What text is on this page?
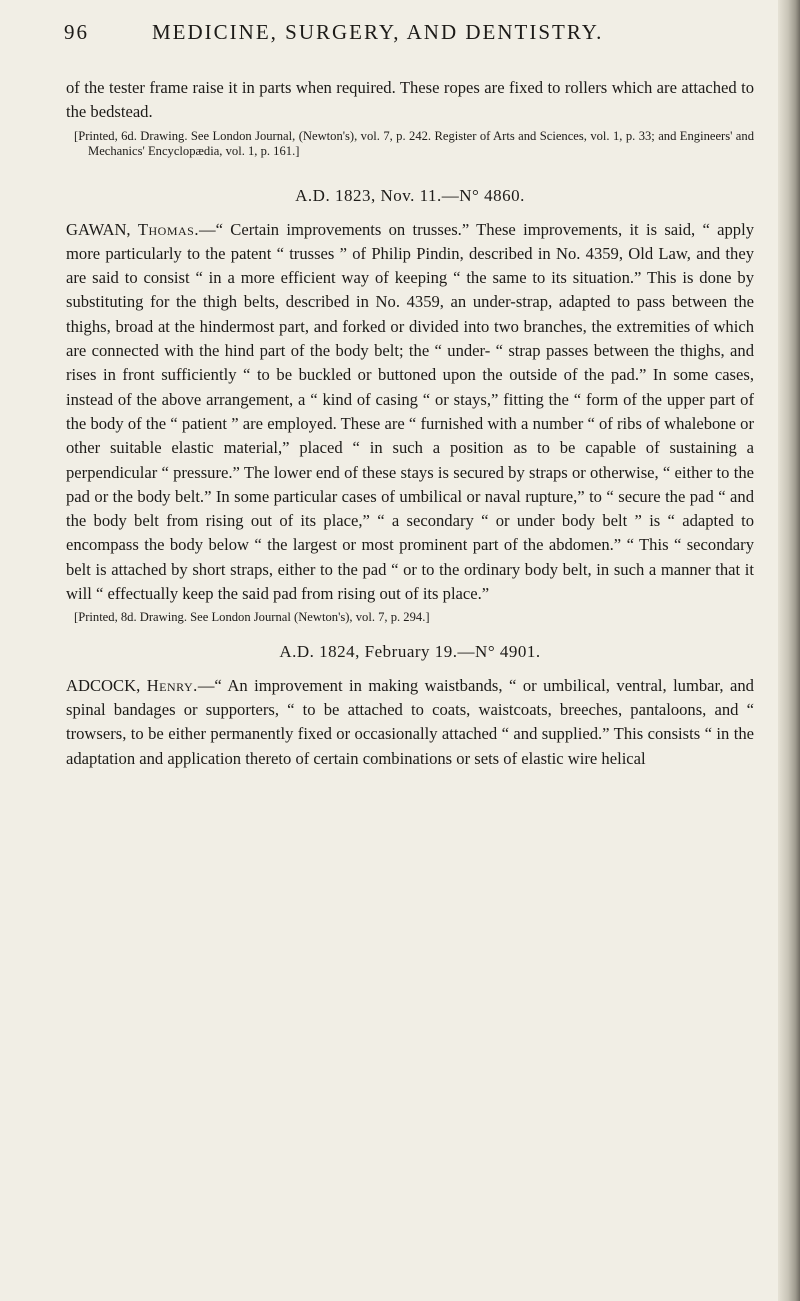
96	MEDICINE, SURGERY, AND DENTISTRY.

of the tester frame raise it in parts when required. These ropes are fixed to rollers which are attached to the bedstead.

[Printed, 6d. Drawing. See London Journal, (Newton's), vol. 7, p. 242. Register of Arts and Sciences, vol. 1, p. 33; and Engineers' and Mechanics' Encyclopædia, vol. 1, p. 161.]

A.D. 1823, Nov. 11.—N° 4860.

GAWAN, Thomas.—“ Certain improvements on trusses.” These improvements, it is said, “ apply more particularly to the patent “ trusses ” of Philip Pindin, described in No. 4359, Old Law, and they are said to consist “ in a more efficient way of keeping “ the same to its situation.” This is done by substituting for the thigh belts, described in No. 4359, an under-strap, adapted to pass between the thighs, broad at the hindermost part, and forked or divided into two branches, the extremities of which are connected with the hind part of the body belt; the “ under- “ strap passes between the thighs, and rises in front sufficiently “ to be buckled or buttoned upon the outside of the pad.” In some cases, instead of the above arrangement, a “ kind of casing “ or stays,” fitting the “ form of the upper part of the body of the “ patient ” are employed. These are “ furnished with a number “ of ribs of whalebone or other suitable elastic material,” placed “ in such a position as to be capable of sustaining a perpendicular “ pressure.” The lower end of these stays is secured by straps or otherwise, “ either to the pad or the body belt.” In some particular cases of umbilical or naval rupture,” to “ secure the pad “ and the body belt from rising out of its place,” “ a secondary “ or under body belt ” is “ adapted to encompass the body below “ the largest or most prominent part of the abdomen.” “ This “ secondary belt is attached by short straps, either to the pad “ or to the ordinary body belt, in such a manner that it will “ effectually keep the said pad from rising out of its place.”

[Printed, 8d. Drawing. See London Journal (Newton's), vol. 7, p. 294.]

A.D. 1824, February 19.—N° 4901.

ADCOCK, Henry.—“ An improvement in making waistbands, “ or umbilical, ventral, lumbar, and spinal bandages or supporters, “ to be attached to coats, waistcoats, breeches, pantaloons, and “ trowsers, to be either permanently fixed or occasionally attached “ and supplied.” This consists “ in the adaptation and application thereto of certain combinations or sets of elastic wire helical
